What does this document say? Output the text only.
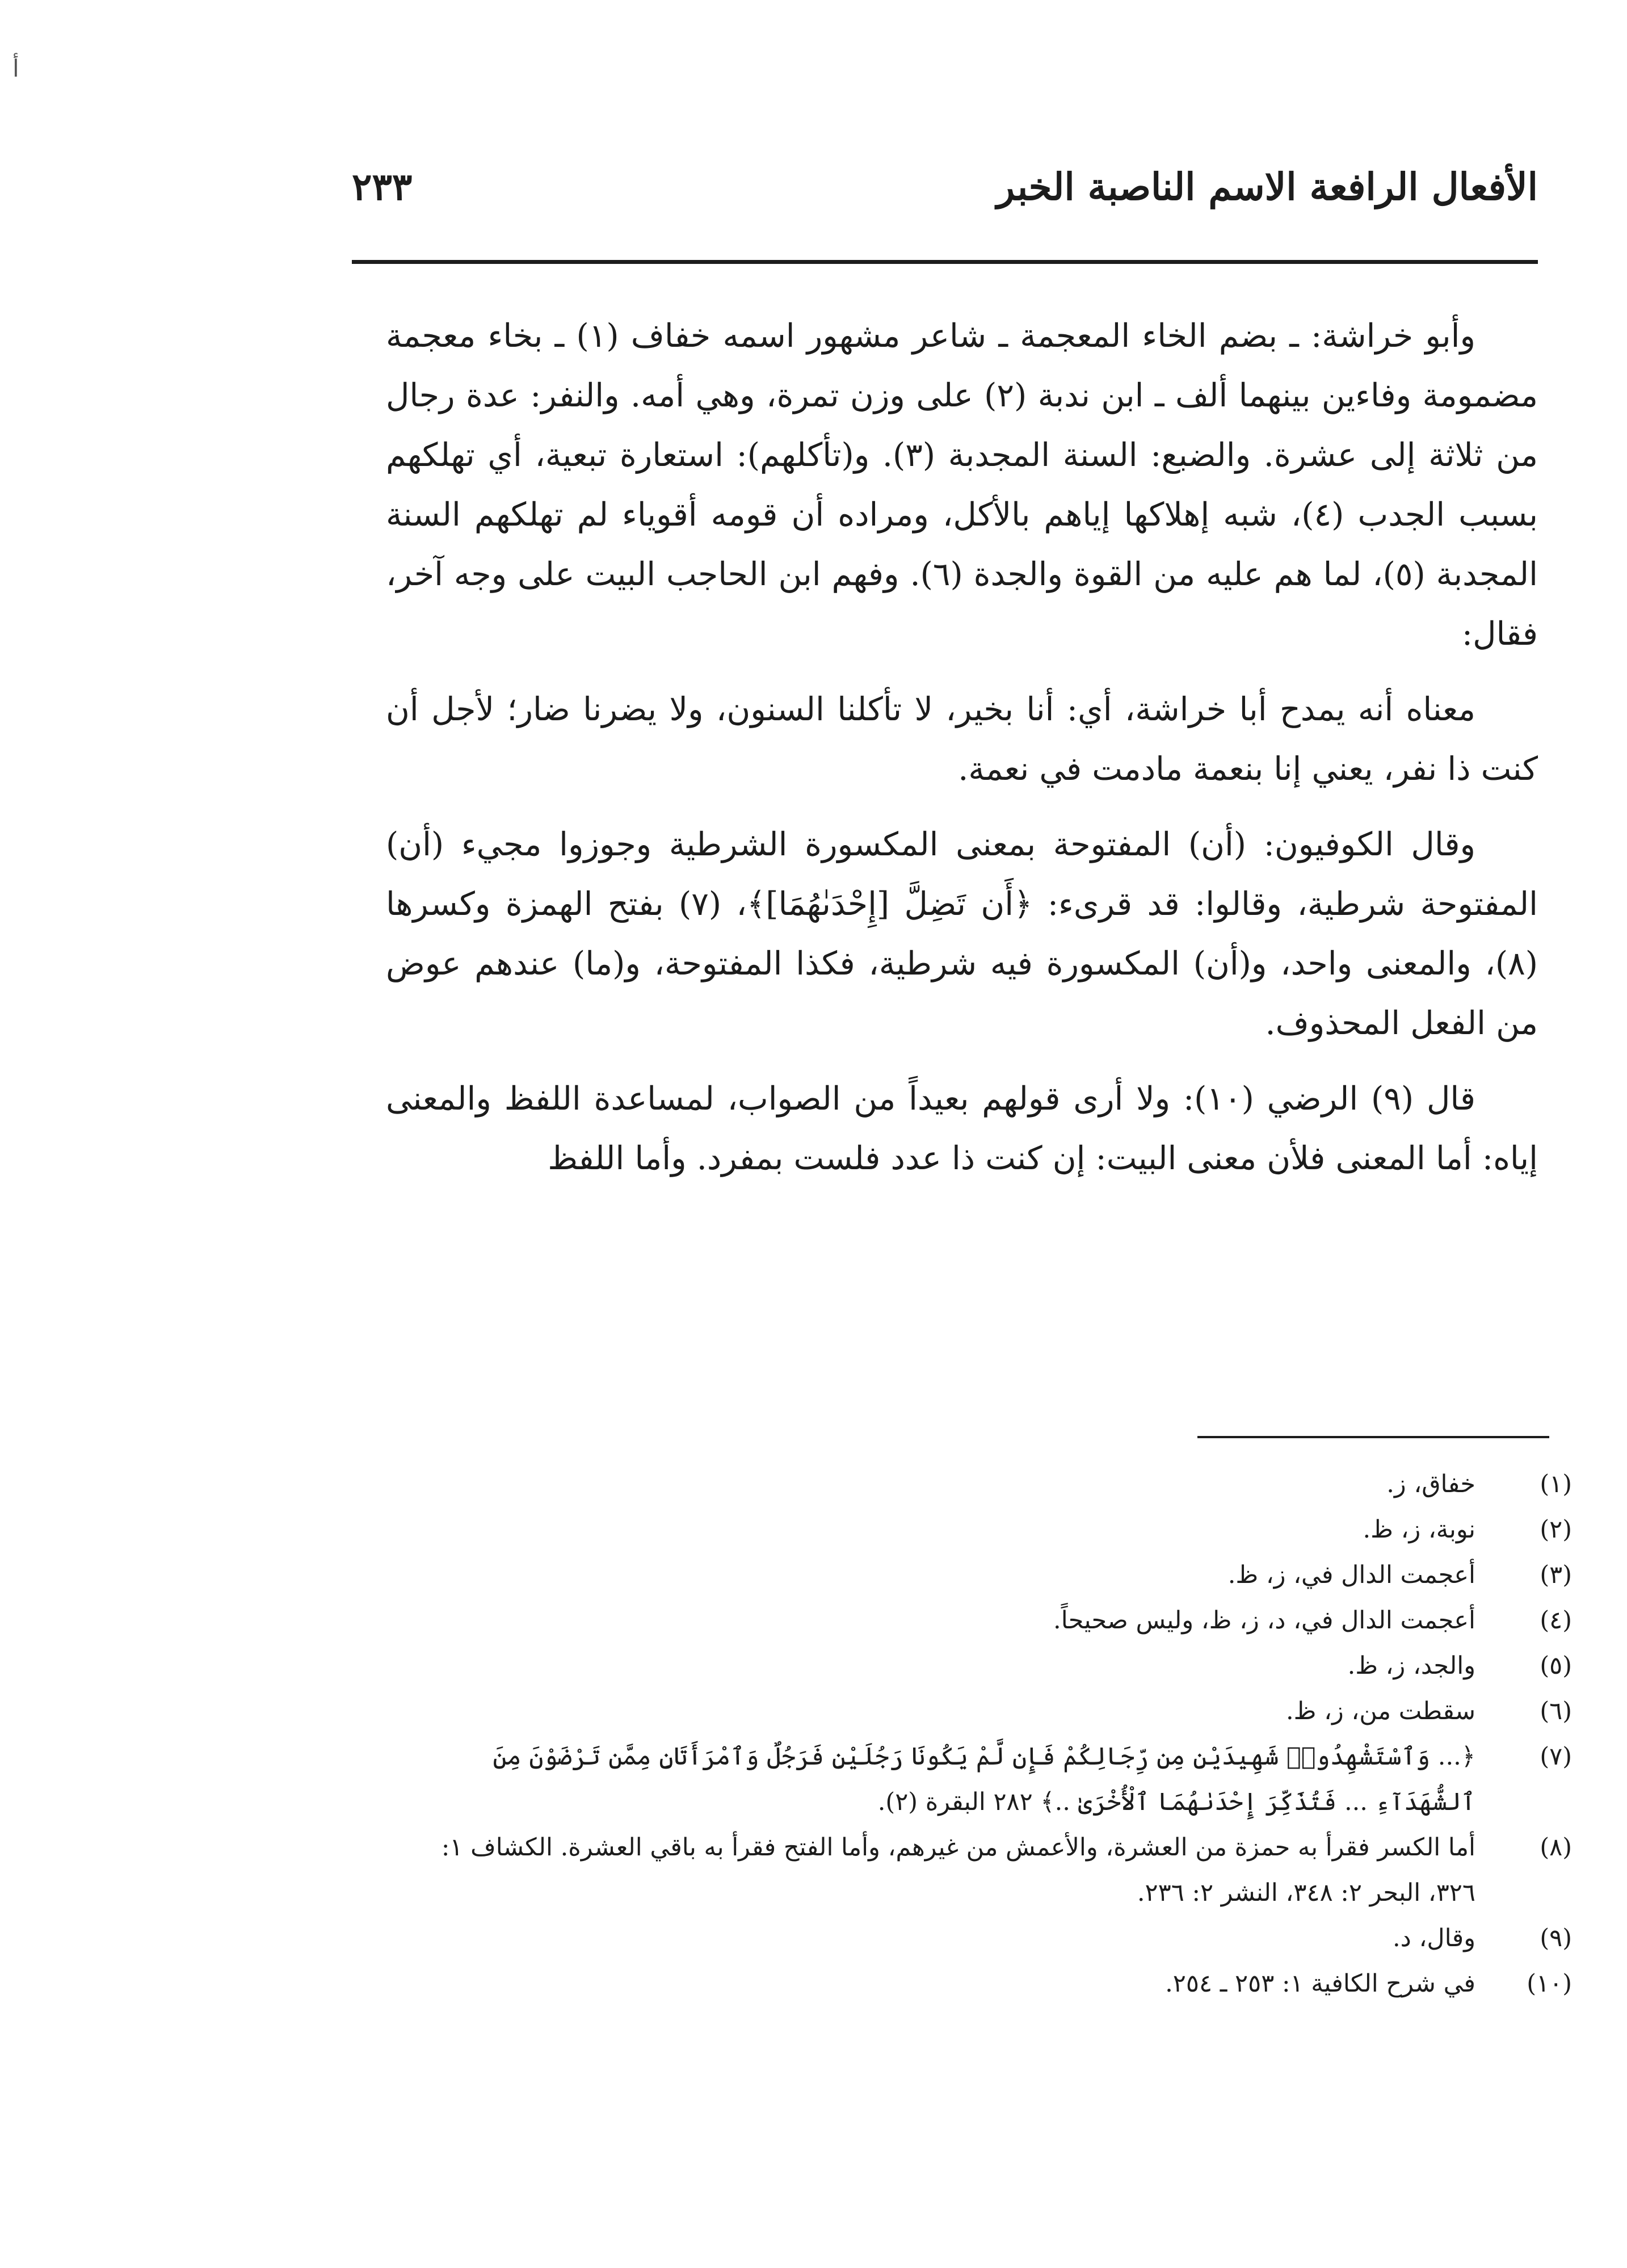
أ
الأفعال الرافعة الاسم الناصبة الخبر
٢٣٣

وأبو خراشة: ـ بضم الخاء المعجمة ـ شاعر مشهور اسمه خفاف (١) ـ بخاء معجمة مضمومة وفاءين بينهما ألف ـ ابن ندبة (٢) على وزن تمرة، وهي أمه. والنفر: عدة رجال من ثلاثة إلى عشرة. والضبع: السنة المجدبة (٣). و(تأكلهم): استعارة تبعية، أي تهلكهم بسبب الجدب (٤)، شبه إهلاكها إياهم بالأكل، ومراده أن قومه أقوياء لم تهلكهم السنة المجدبة (٥)، لما هم عليه من القوة والجدة (٦). وفهم ابن الحاجب البيت على وجه آخر، فقال:

معناه أنه يمدح أبا خراشة، أي: أنا بخير، لا تأكلنا السنون، ولا يضرنا ضار؛ لأجل أن كنت ذا نفر، يعني إنا بنعمة مادمت في نعمة.

وقال الكوفيون: (أن) المفتوحة بمعنى المكسورة الشرطية وجوزوا مجيء (أن) المفتوحة شرطية، وقالوا: قد قرىء: ﴿أَن تَضِلَّ [إِحْدَىٰهُمَا]﴾، (٧) بفتح الهمزة وكسرها (٨)، والمعنى واحد، و(أن) المكسورة فيه شرطية، فكذا المفتوحة، و(ما) عندهم عوض من الفعل المحذوف.

قال (٩) الرضي (١٠): ولا أرى قولهم بعيداً من الصواب، لمساعدة اللفظ والمعنى إياه: أما المعنى فلأن معنى البيت: إن كنت ذا عدد فلست بمفرد. وأما اللفظ

(١)
خفاق، ز.
(٢)
نوبة، ز، ظ.
(٣)
أعجمت الدال في، ز، ظ.
(٤)
أعجمت الدال في، د، ز، ظ، وليس صحيحاً.
(٥)
والجد، ز، ظ.
(٦)
سقطت من، ز، ظ.
(٧)
﴿... وَٱسْتَشْهِدُوا۟ شَهِيدَيْنِ مِن رِّجَالِكُمْ فَإِن لَّمْ يَكُونَا رَجُلَيْنِ فَرَجُلٌ وَٱمْرَأَتَانِ مِمَّن تَرْضَوْنَ مِنَ ٱلشُّهَدَآءِ ... فَتُذَكِّرَ إِحْدَىٰهُمَا ٱلْأُخْرَىٰ ..﴾ ٢٨٢ البقرة (٢).
(٨)
أما الكسر فقرأ به حمزة من العشرة، والأعمش من غيرهم، وأما الفتح فقرأ به باقي العشرة. الكشاف ١: ٣٢٦، البحر ٢: ٣٤٨، النشر ٢: ٢٣٦.
(٩)
وقال، د.
(١٠)
في شرح الكافية ١: ٢٥٣ ـ ٢٥٤.
